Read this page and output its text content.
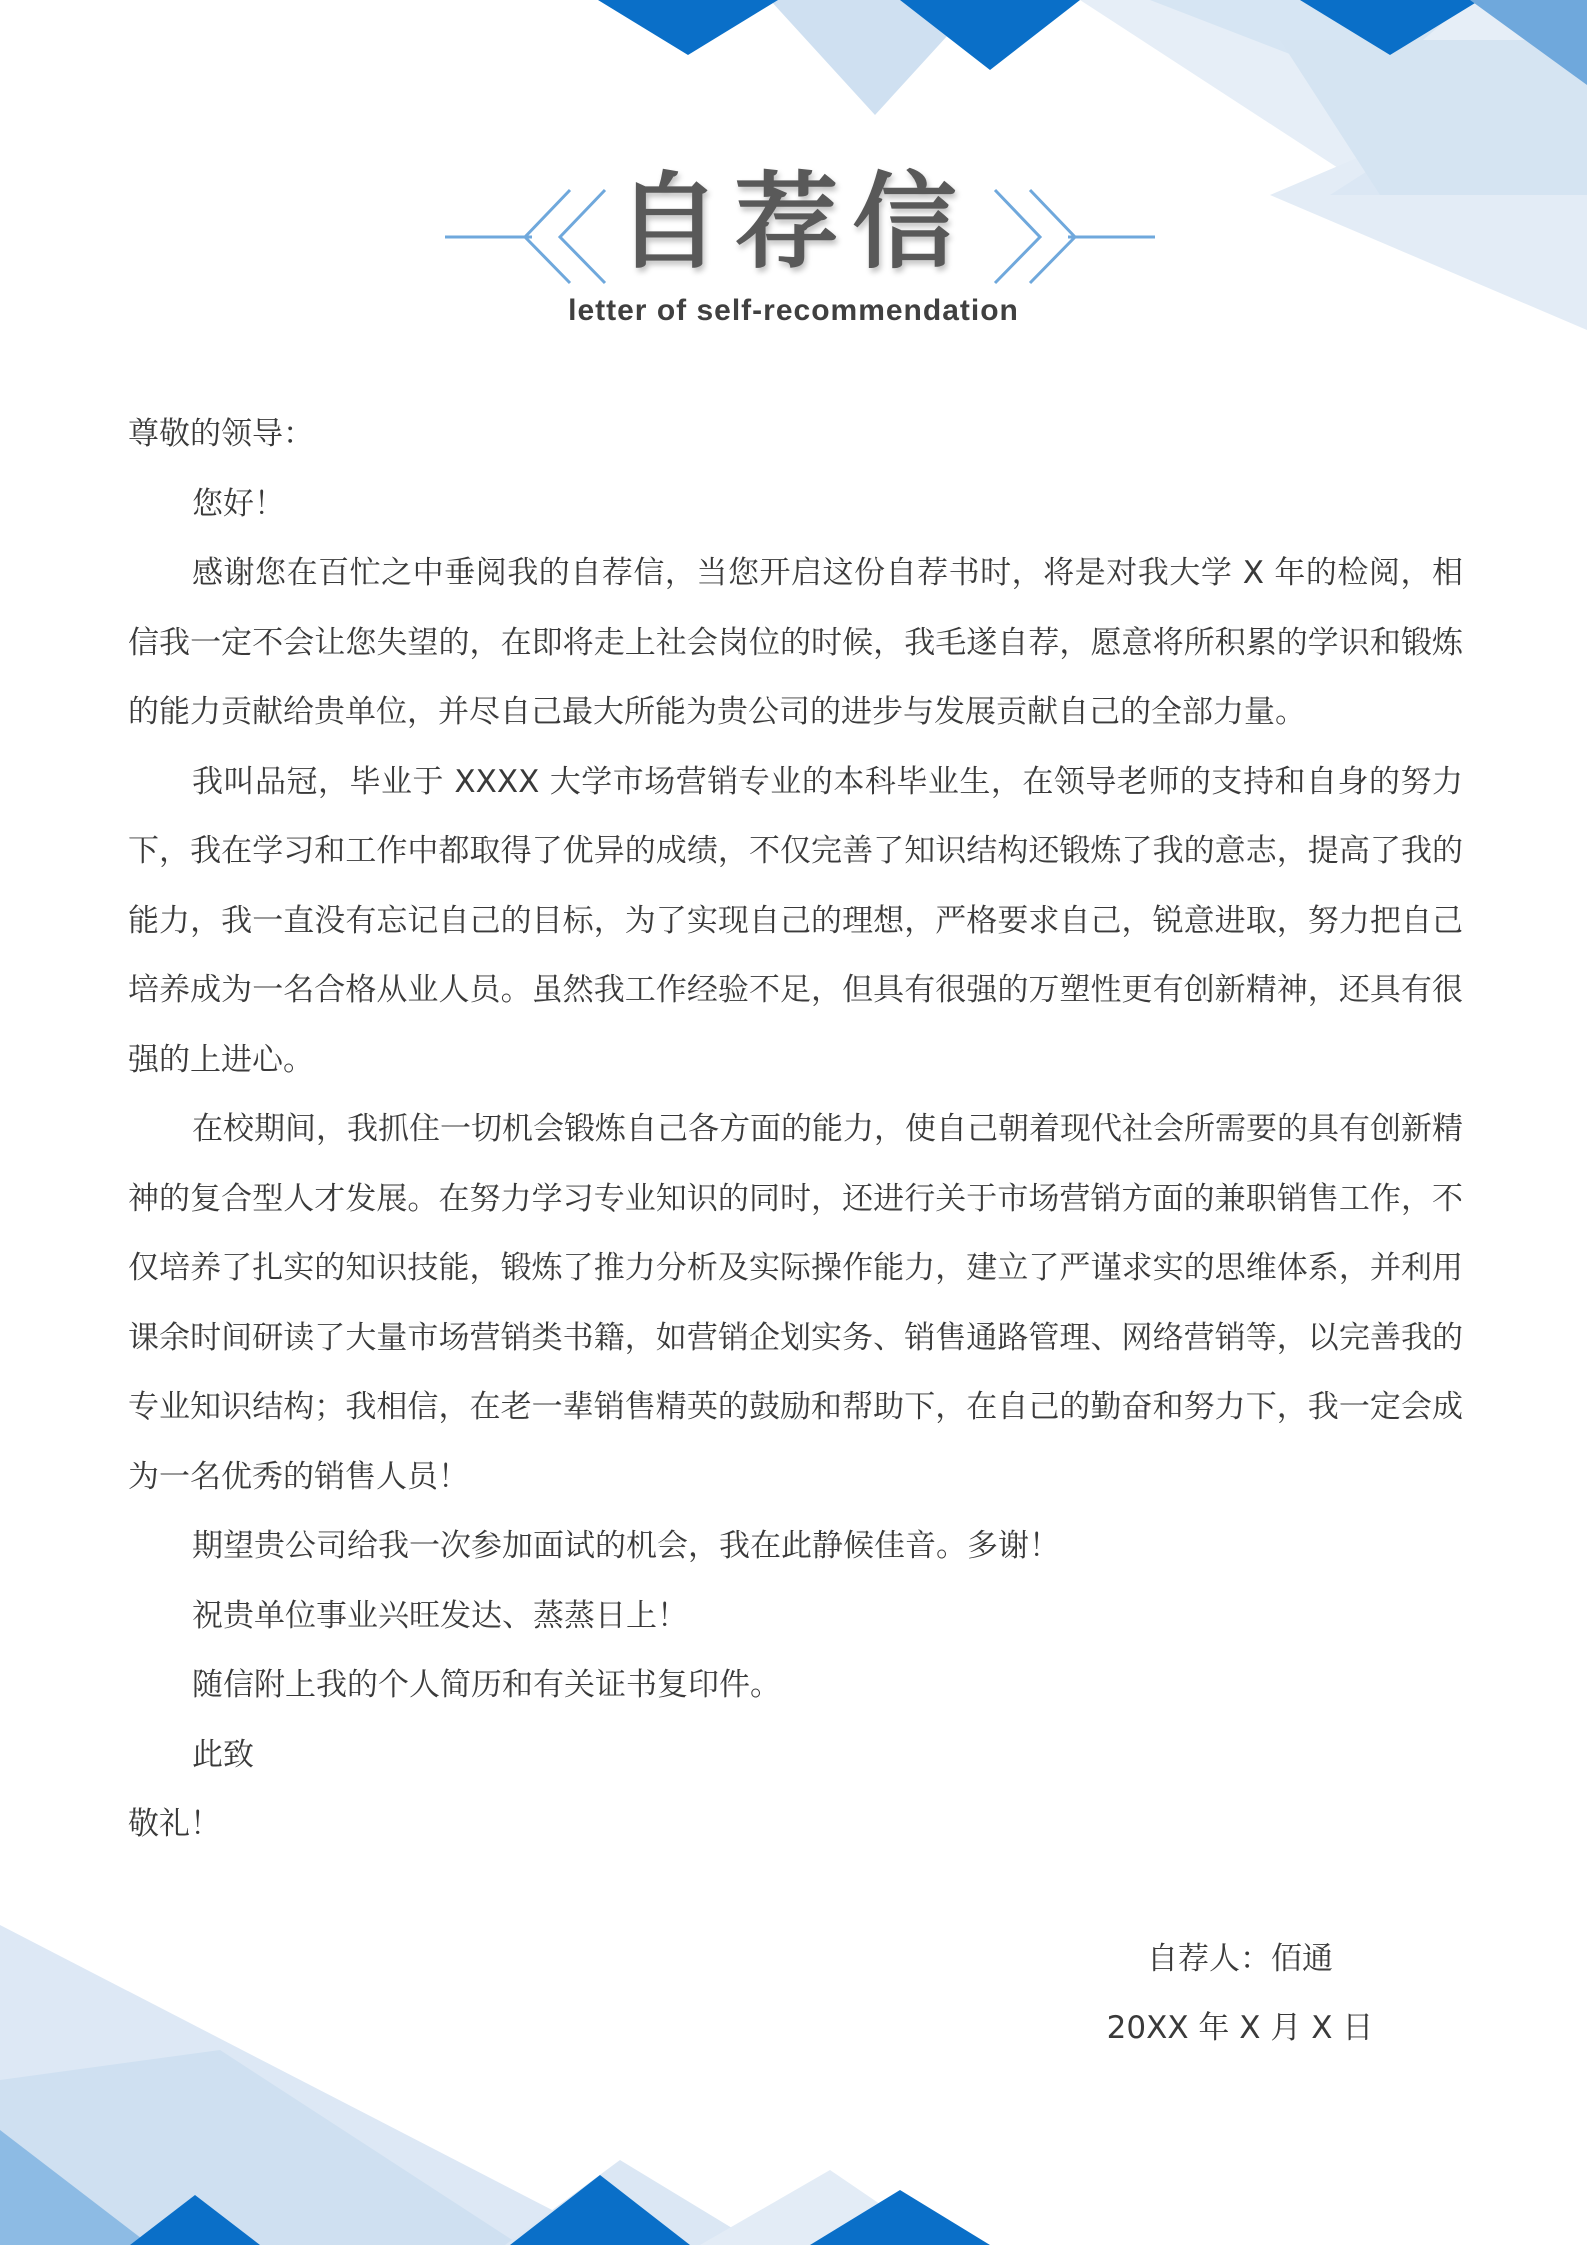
自荐信
letter of self-recommendation

尊敬的领导：

您好！

感谢您在百忙之中垂阅我的自荐信，当您开启这份自荐书时，将是对我大学 X 年的检阅，相信我一定不会让您失望的，在即将走上社会岗位的时候，我毛遂自荐，愿意将所积累的学识和锻炼的能力贡献给贵单位，并尽自己最大所能为贵公司的进步与发展贡献自己的全部力量。

我叫品冠，毕业于 XXXX 大学市场营销专业的本科毕业生，在领导老师的支持和自身的努力下，我在学习和工作中都取得了优异的成绩，不仅完善了知识结构还锻炼了我的意志，提高了我的能力，我一直没有忘记自己的目标，为了实现自己的理想，严格要求自己，锐意进取，努力把自己培养成为一名合格从业人员。虽然我工作经验不足，但具有很强的万塑性更有创新精神，还具有很强的上进心。

在校期间，我抓住一切机会锻炼自己各方面的能力，使自己朝着现代社会所需要的具有创新精神的复合型人才发展。在努力学习专业知识的同时，还进行关于市场营销方面的兼职销售工作，不仅培养了扎实的知识技能，锻炼了推力分析及实际操作能力，建立了严谨求实的思维体系，并利用课余时间研读了大量市场营销类书籍，如营销企划实务、销售通路管理、网络营销等，以完善我的专业知识结构；我相信，在老一辈销售精英的鼓励和帮助下，在自己的勤奋和努力下，我一定会成为一名优秀的销售人员！

期望贵公司给我一次参加面试的机会，我在此静候佳音。多谢！

祝贵单位事业兴旺发达、蒸蒸日上！

随信附上我的个人简历和有关证书复印件。

此致

敬礼！

自荐人：佰通
20XX 年 X 月 X 日
